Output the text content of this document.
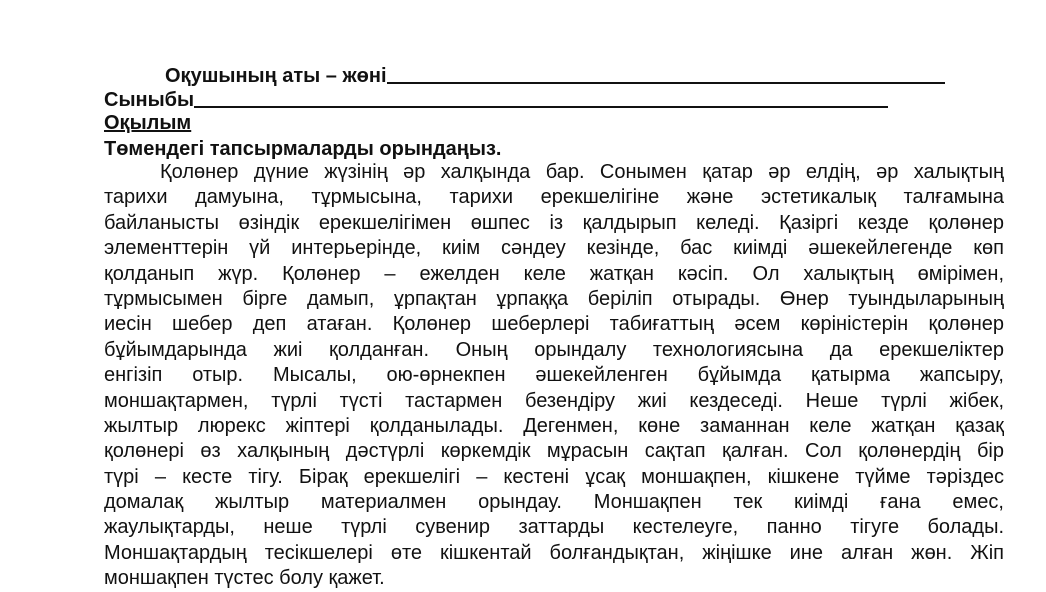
Оқушының аты – жөні
Сыныбы
Оқылым
Төмендегі тапсырмаларды орындаңыз.
Қолөнер дүние жүзінің әр халқында бар. Сонымен қатар әр елдің, әр халықтың
тарихи дамуына, тұрмысына, тарихи ерекшелігіне және эстетикалық талғамына
байланысты өзіндік ерекшелігімен өшпес із қалдырып келеді. Қазіргі кезде қолөнер
элементтерін үй интерьерінде, киім сәндеу кезінде, бас киімді әшекейлегенде көп
қолданып жүр. Қолөнер – ежелден келе жатқан кәсіп. Ол халықтың өмірімен,
тұрмысымен бірге дамып, ұрпақтан ұрпаққа беріліп отырады. Өнер туындыларының
иесін шебер деп атаған. Қолөнер шеберлері табиғаттың әсем көріністерін қолөнер
бұйымдарында жиі қолданған. Оның орындалу технологиясына да ерекшеліктер
енгізіп отыр. Мысалы, ою-өрнекпен әшекейленген бұйымда қатырма жапсыру,
моншақтармен, түрлі түсті тастармен безендіру жиі кездеседі. Неше түрлі жібек,
жылтыр люрекс жіптері қолданылады. Дегенмен, көне заманнан келе жатқан қазақ
қолөнері өз халқының дәстүрлі көркемдік мұрасын сақтап қалған. Сол қолөнердің бір
түрі – кесте тігу. Бірақ ерекшелігі – кестені ұсақ моншақпен, кішкене түйме тәріздес
домалақ жылтыр материалмен орындау. Моншақпен тек киімді ғана емес,
жаулықтарды, неше түрлі сувенир заттарды кестелеуге, панно тігуге болады.
Моншақтардың тесікшелері өте кішкентай болғандықтан, жіңішке ине алған жөн. Жіп
моншақпен түстес болу қажет.
